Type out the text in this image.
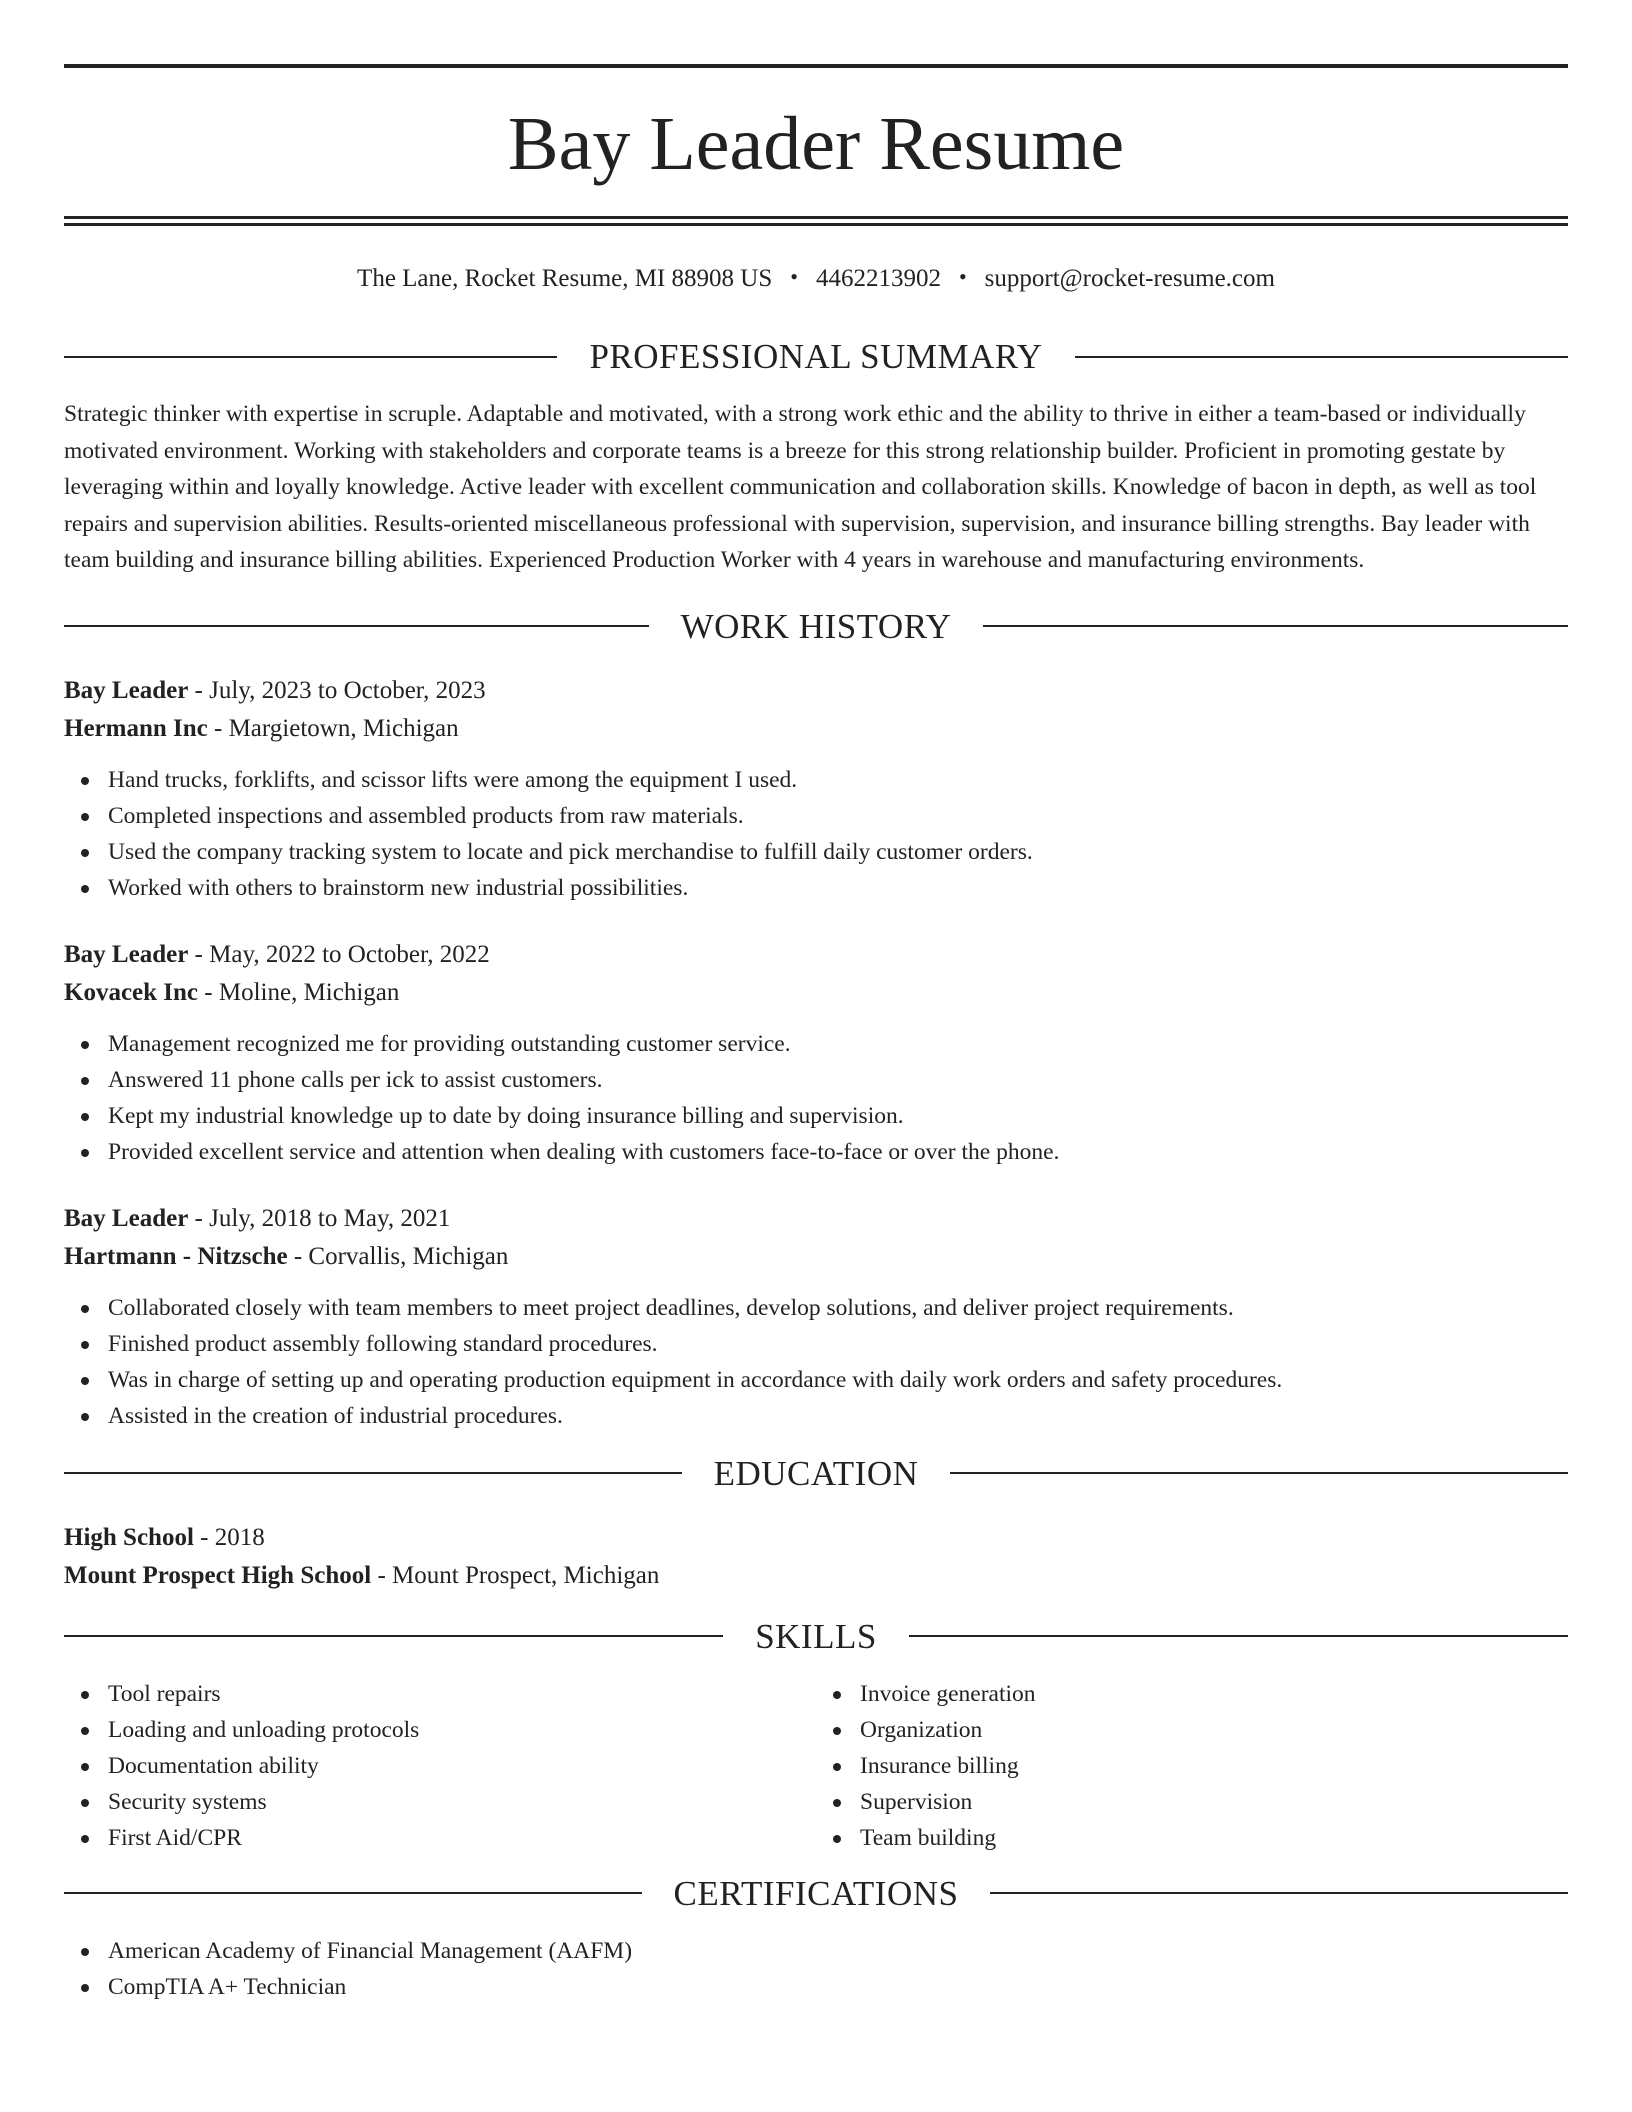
Bay Leader Resume
The Lane, Rocket Resume, MI 88908 US • 4462213902 • support@rocket-resume.com
PROFESSIONAL SUMMARY

Strategic thinker with expertise in scruple. Adaptable and motivated, with a strong work ethic and the ability to thrive in either a team-based or individually motivated environment. Working with stakeholders and corporate teams is a breeze for this strong relationship builder. Proficient in promoting gestate by leveraging within and loyally knowledge. Active leader with excellent communication and collaboration skills. Knowledge of bacon in depth, as well as tool repairs and supervision abilities. Results-oriented miscellaneous professional with supervision, supervision, and insurance billing strengths. Bay leader with team building and insurance billing abilities. Experienced Production Worker with 4 years in warehouse and manufacturing environments.

WORK HISTORY

Bay Leader - July, 2023 to October, 2023

Hermann Inc - Margietown, Michigan

Hand trucks, forklifts, and scissor lifts were among the equipment I used.
Completed inspections and assembled products from raw materials.
Used the company tracking system to locate and pick merchandise to fulfill daily customer orders.
Worked with others to brainstorm new industrial possibilities.

Bay Leader - May, 2022 to October, 2022

Kovacek Inc - Moline, Michigan

Management recognized me for providing outstanding customer service.
Answered 11 phone calls per ick to assist customers.
Kept my industrial knowledge up to date by doing insurance billing and supervision.
Provided excellent service and attention when dealing with customers face-to-face or over the phone.

Bay Leader - July, 2018 to May, 2021

Hartmann - Nitzsche - Corvallis, Michigan

Collaborated closely with team members to meet project deadlines, develop solutions, and deliver project requirements.
Finished product assembly following standard procedures.
Was in charge of setting up and operating production equipment in accordance with daily work orders and safety procedures.
Assisted in the creation of industrial procedures.
EDUCATION

High School - 2018

Mount Prospect High School - Mount Prospect, Michigan

SKILLS
Tool repairs
Loading and unloading protocols
Documentation ability
Security systems
First Aid/CPR
Invoice generation
Organization
Insurance billing
Supervision
Team building
CERTIFICATIONS
American Academy of Financial Management (AAFM)
CompTIA A+ Technician
